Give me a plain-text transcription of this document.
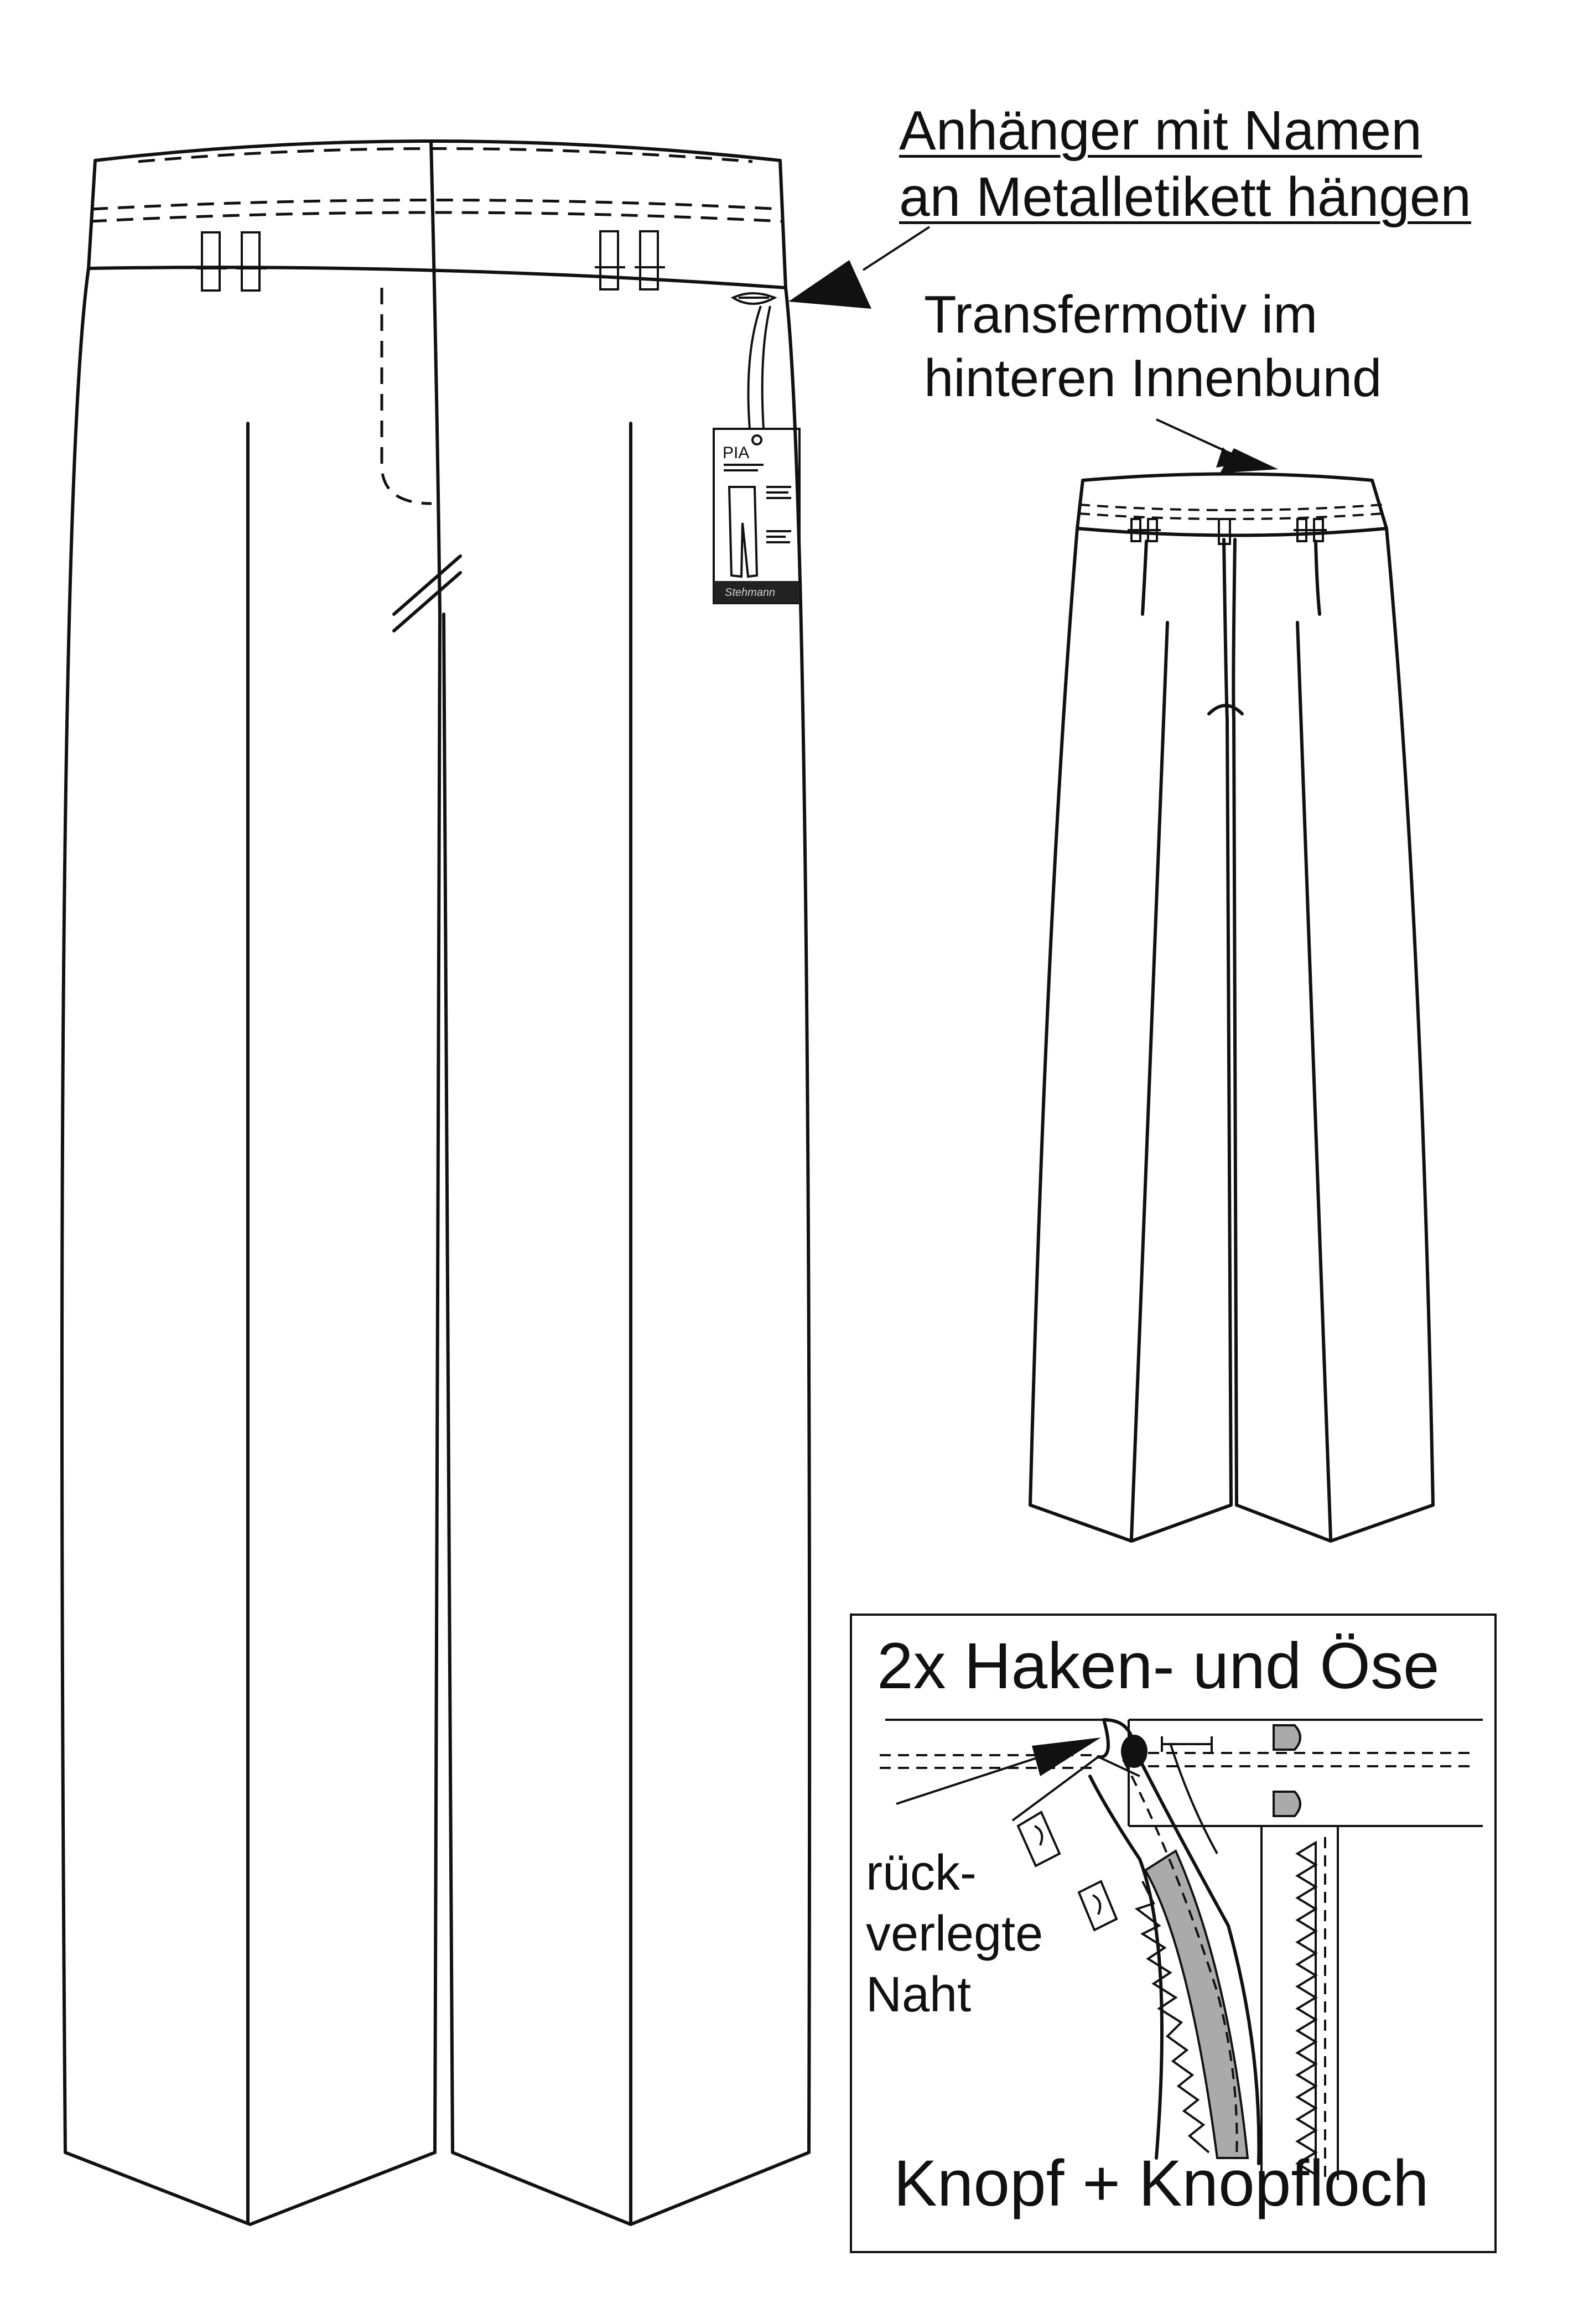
PIA
Stehmann
Anhänger mit Namen
an Metalletikett hängen
Transfermotiv im
hinteren Innenbund
2x Haken- und Öse
rück-
verlegte
Naht
Knopf + Knopfloch
